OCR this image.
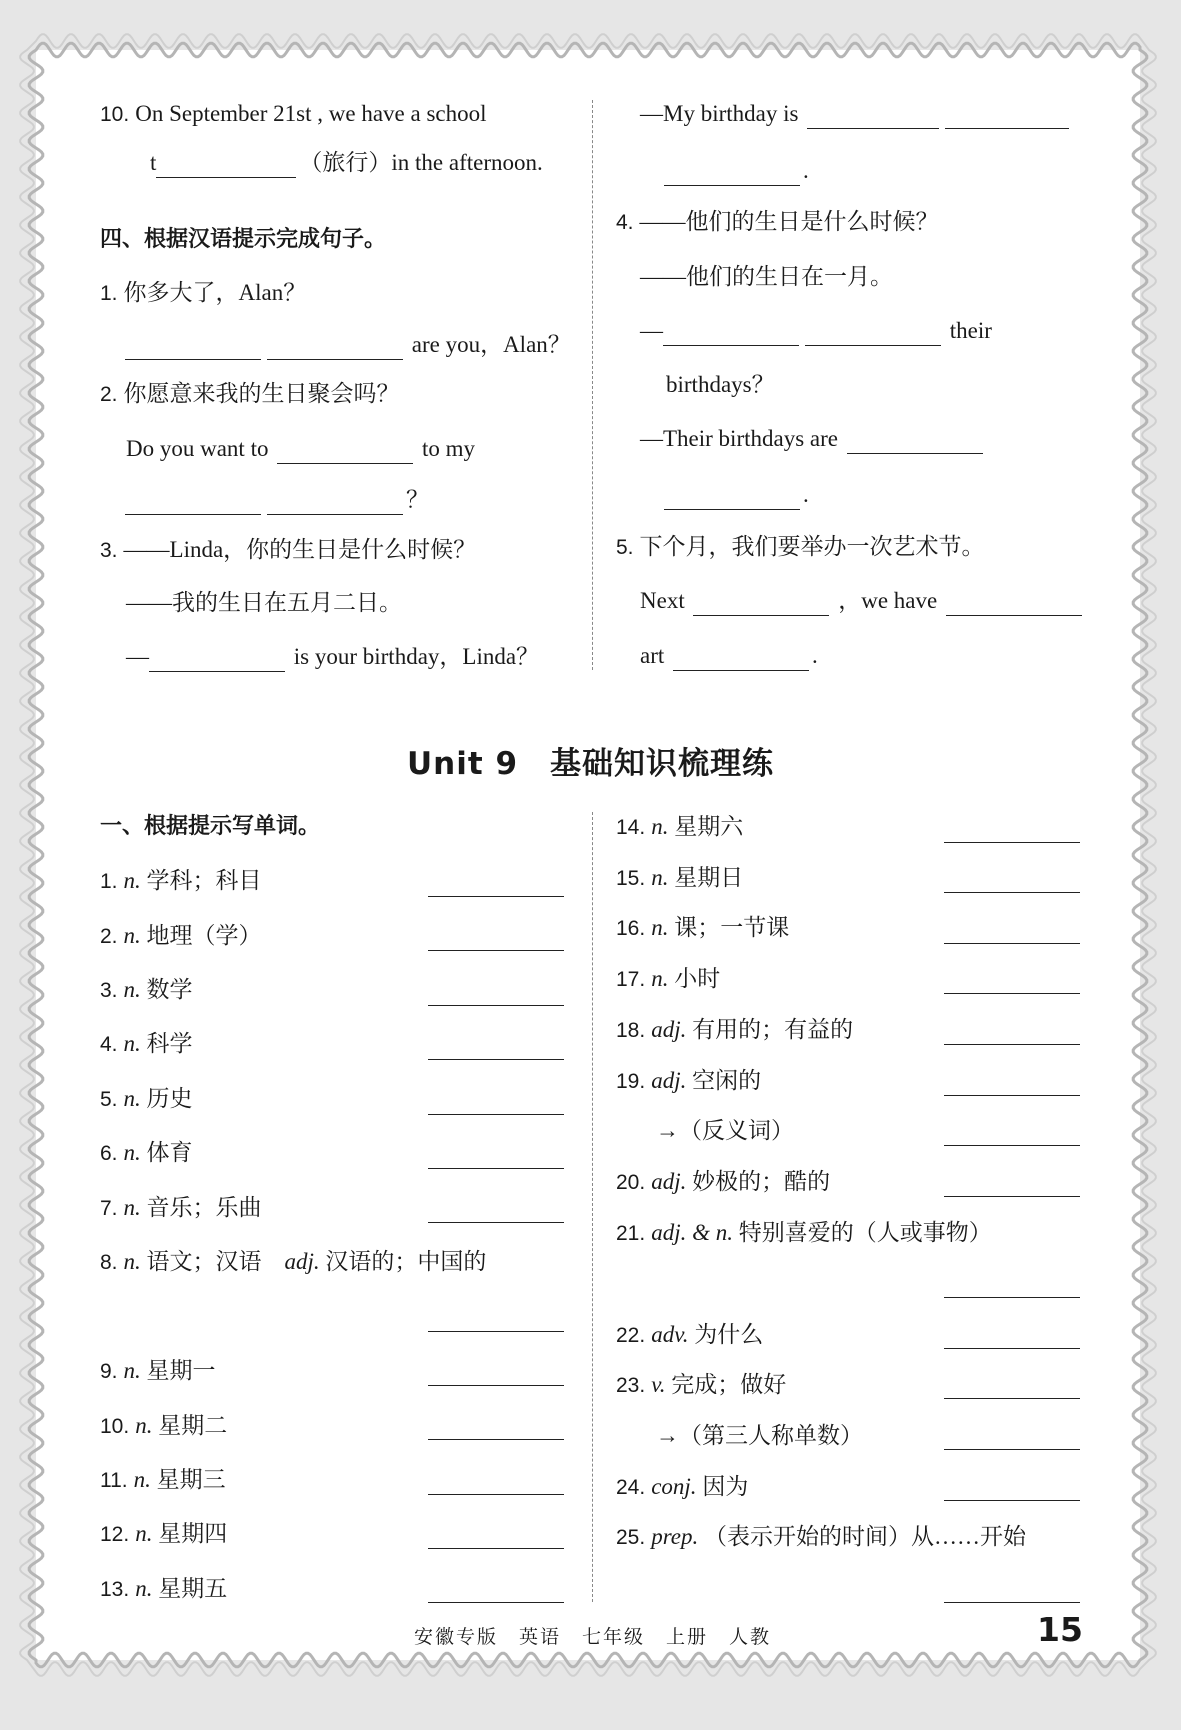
10. On September 21st , we have a school
t	（旅行）in the afternoon.
四、根据汉语提示完成句子。
1. 你多大了，Alan？
are you，Alan？
2. 你愿意来我的生日聚会吗？
Do you want to	to my
？
3. ——Linda，你的生日是什么时候？
——我的生日在五月二日。
—	is your birthday，Linda？
—My birthday is
.
4. ——他们的生日是什么时候？
——他们的生日在一月。
—	their
birthdays？
—Their birthdays are
.
5. 下个月，我们要举办一次艺术节。
Next	，we have
art	.
Unit 9　基础知识梳理练
一、根据提示写单词。
安徽专版　英语　七年级　上册　人教	15
1. n. 学科；科目
2. n. 地理（学）
3. n. 数学
4. n. 科学
5. n. 历史
6. n. 体育
7. n. 音乐；乐曲
8. n. 语文；汉语　adj. 汉语的；中国的
9. n. 星期一
10. n. 星期二
11. n. 星期三
12. n. 星期四
13. n. 星期五
14. n. 星期六
15. n. 星期日
16. n. 课；一节课
17. n. 小时
18. adj. 有用的；有益的
19. adj. 空闲的
→（反义词）
20. adj. 妙极的；酷的
21. adj. & n. 特别喜爱的（人或事物）
22. adv. 为什么
23. v. 完成；做好
→（第三人称单数）
24. conj. 因为
25. prep. （表示开始的时间）从……开始
